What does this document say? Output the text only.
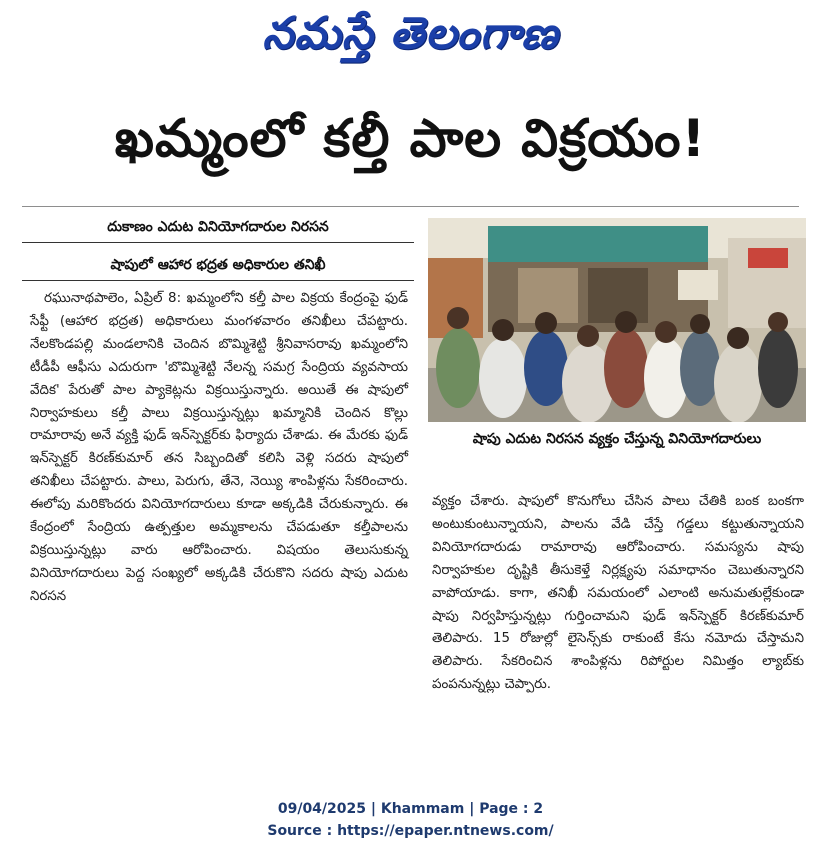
నమస్తే తెలంగాణ
ఖమ్మంలో కల్తీ పాల విక్రయం!
దుకాణం ఎదుట వినియోగదారుల నిరసన
షాపులో ఆహార భద్రత అధికారుల తనిఖీ
రఘునాథపాలెం, ఏప్రిల్ 8: ఖమ్మంలోని కల్తీ పాల విక్రయ కేంద్రంపై ఫుడ్ సేఫ్టీ (ఆహార భద్రత) అధికారులు మంగళవారం తనిఖీలు చేపట్టారు. నేలకొండపల్లి మండలానికి చెందిన బొమ్మిశెట్టి శ్రీనివాసరావు ఖమ్మంలోని టీడీపీ ఆఫీసు ఎదురుగా 'బొమ్మిశెట్టి నేలన్న సమగ్ర సేంద్రియ వ్యవసాయ వేదిక' పేరుతో పాల ప్యాకెట్లను విక్రయిస్తున్నారు. అయితే ఈ షాపులో నిర్వాహకులు కల్తీ పాలు విక్రయిస్తున్నట్లు ఖమ్మానికి చెందిన కొల్లు రామారావు అనే వ్యక్తి ఫుడ్ ఇన్‌స్పెక్టర్‌కు ఫిర్యాదు చేశాడు. ఈ మేరకు ఫుడ్ ఇన్‌స్పెక్టర్ కిరణ్‌కుమార్ తన సిబ్బందితో కలిసి వెళ్లి సదరు షాపులో తనిఖీలు చేపట్టారు. పాలు, పెరుగు, తేనె, నెయ్యి శాంపిళ్లను సేకరించారు. ఈలోపు మరికొందరు వినియోగదారులు కూడా అక్కడికి చేరుకున్నారు. ఈ కేంద్రంలో సేంద్రియ ఉత్పత్తుల అమ్మకాలను చేపడుతూ కల్తీపాలను విక్రయిస్తున్నట్లు వారు ఆరోపించారు. విషయం తెలుసుకున్న వినియోగదారులు పెద్ద సంఖ్యలో అక్కడికి చేరుకొని సదరు షాపు ఎదుట నిరసన
షాపు ఎదుట నిరసన వ్యక్తం చేస్తున్న వినియోగదారులు
వ్యక్తం చేశారు. షాపులో కొనుగోలు చేసిన పాలు చేతికి బంక బంకగా అంటుకుంటున్నాయని, పాలను వేడి చేస్తే గడ్డలు కట్టుతున్నాయని వినియోగదారుడు రామారావు ఆరోపించారు. సమస్యను షాపు నిర్వాహకుల దృష్టికి తీసుకెళ్తే నిర్లక్ష్యపు సమాధానం చెబుతున్నారని వాపోయాడు. కాగా, తనిఖీ సమయంలో ఎలాంటి అనుమతుల్లేకుండా షాపు నిర్వహిస్తున్నట్లు గుర్తించామని ఫుడ్ ఇన్‌స్పెక్టర్ కిరణ్‌కుమార్ తెలిపారు. 15 రోజుల్లో లైసెన్స్‌కు రాకుంటే కేసు నమోదు చేస్తామని తెలిపారు. సేకరించిన శాంపిళ్లను రిపోర్టుల నిమిత్తం ల్యాబ్‌కు పంపనున్నట్లు చెప్పారు.
09/04/2025 | Khammam | Page : 2
Source : https://epaper.ntnews.com/
